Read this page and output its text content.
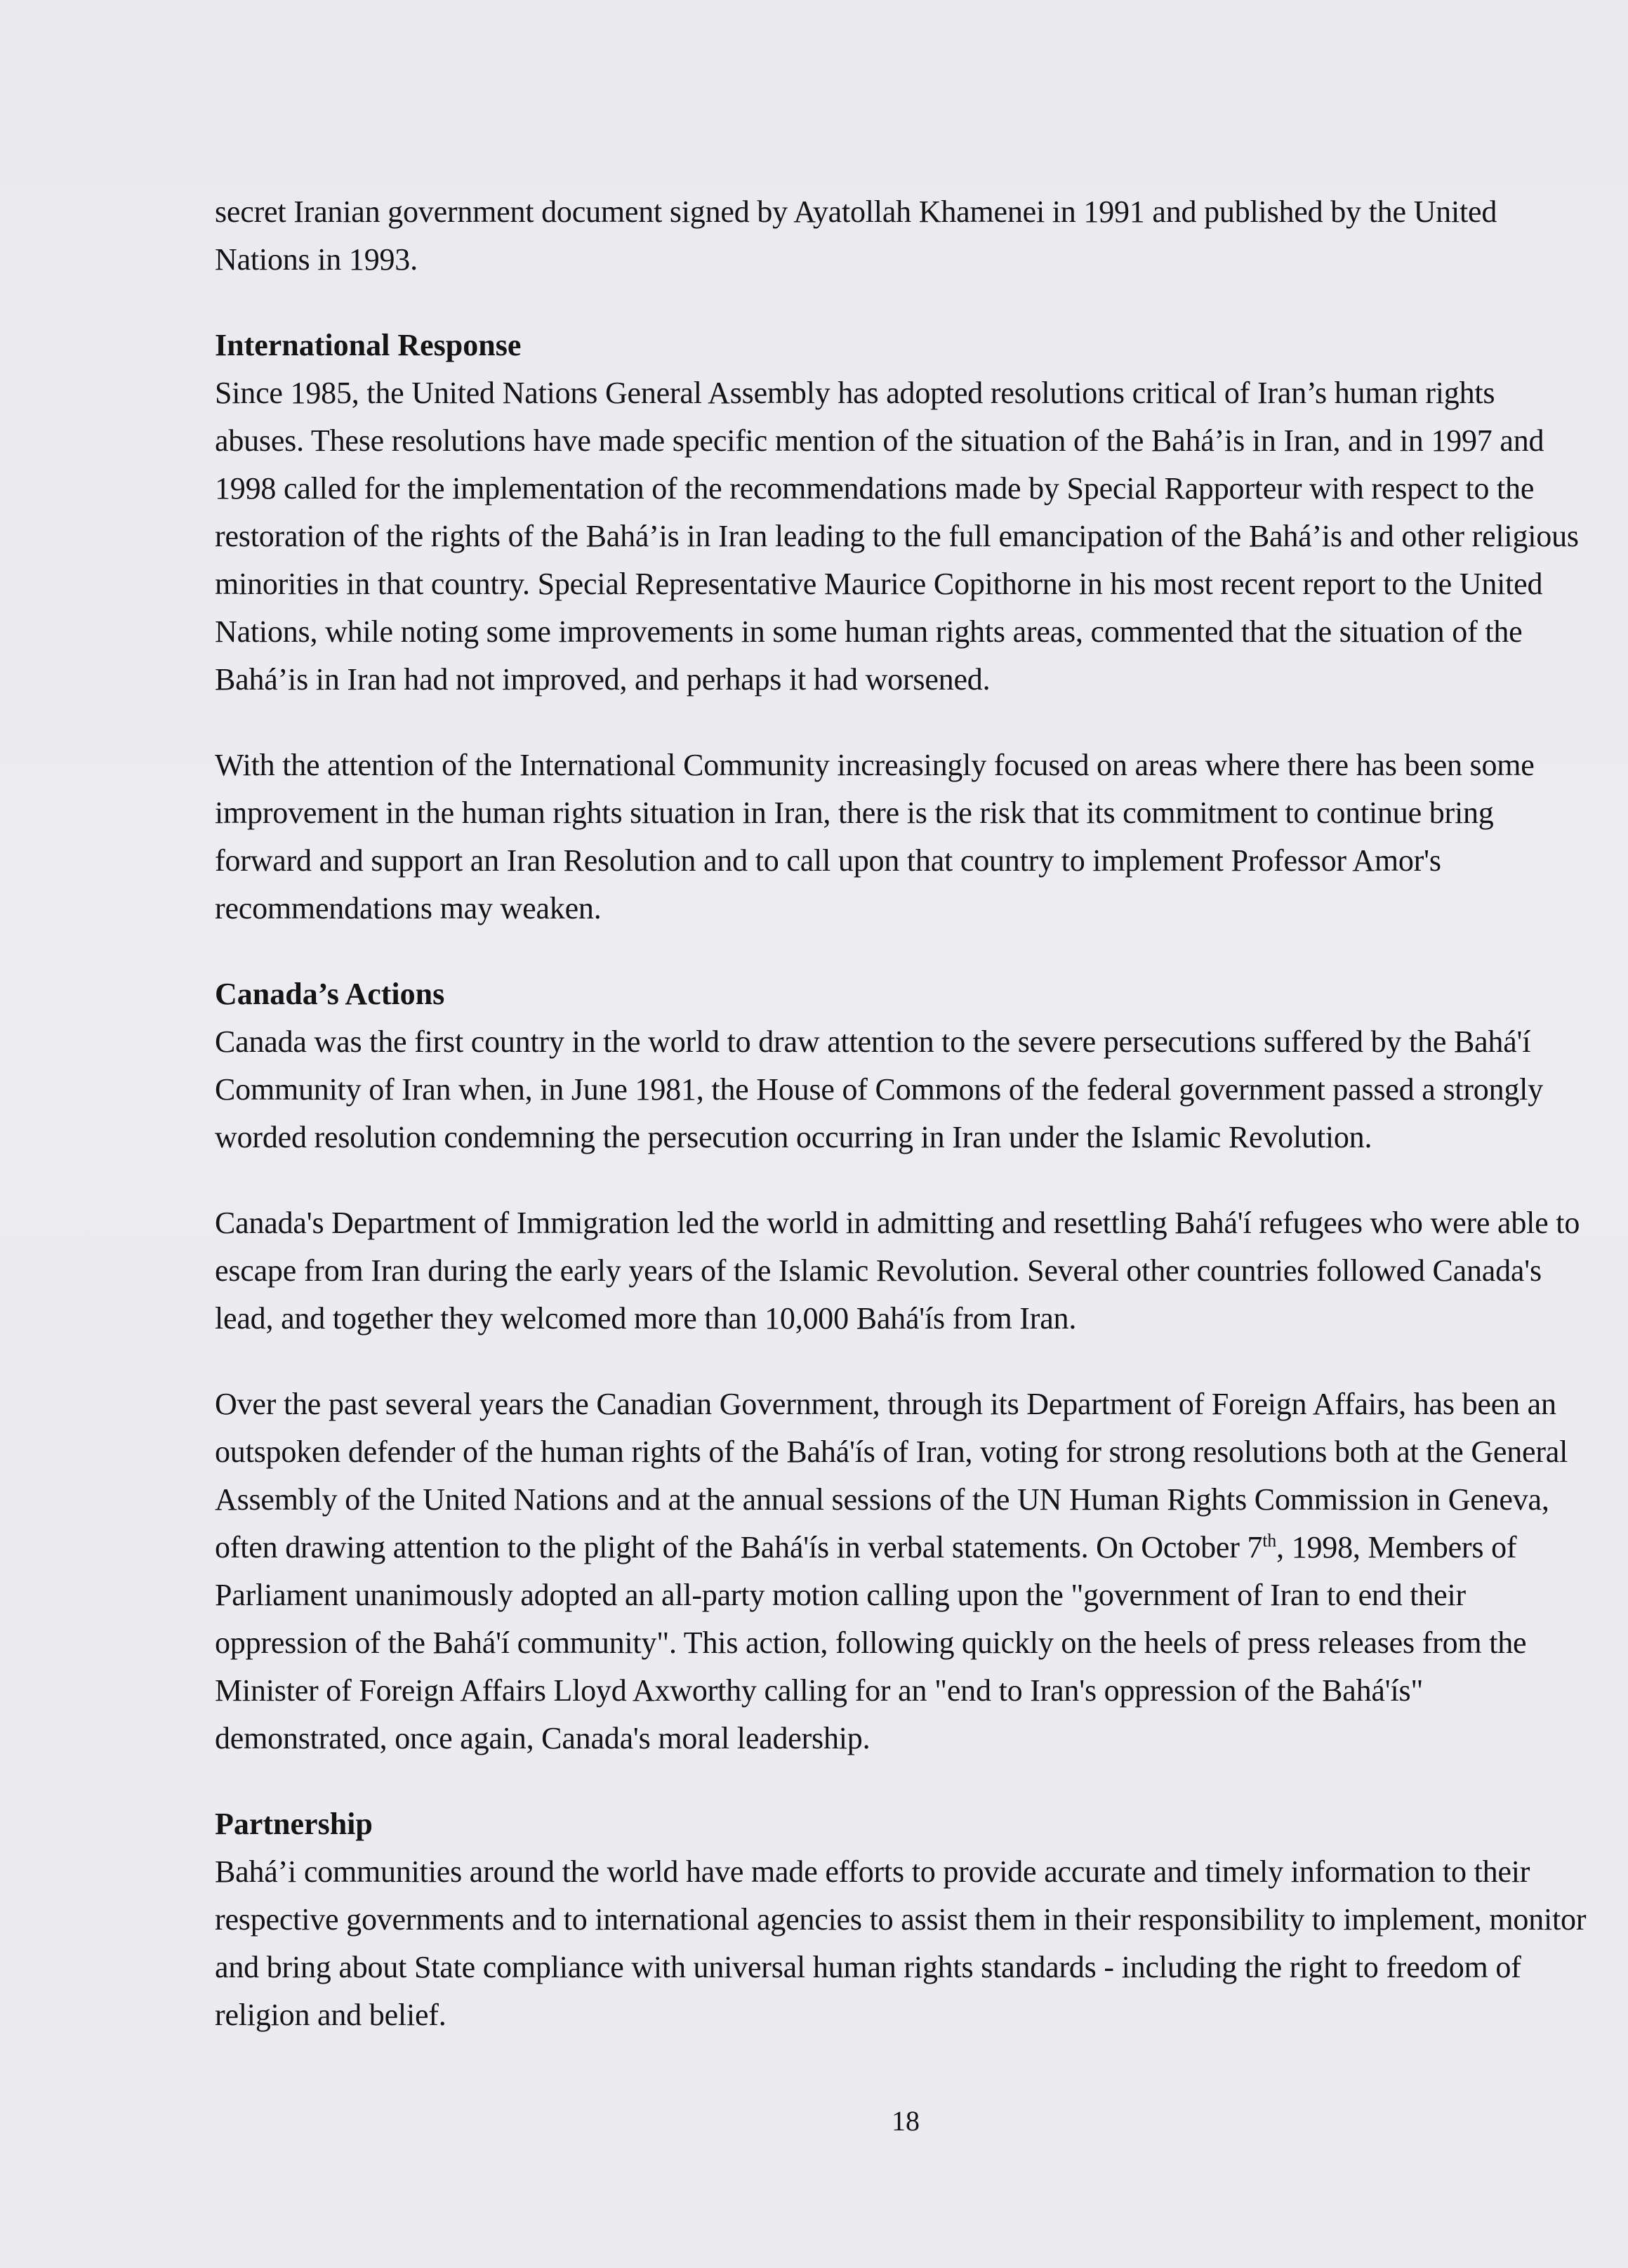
secret Iranian government document signed by Ayatollah Khamenei in 1991 and published by the United Nations in 1993.

International Response

Since 1985, the United Nations General Assembly has adopted resolutions critical of Iran’s human rights abuses. These resolutions have made specific mention of the situation of the Bahá’is in Iran, and in 1997 and 1998 called for the implementation of the recommendations made by Special Rapporteur with respect to the restoration of the rights of the Bahá’is in Iran leading to the full emancipation of the Bahá’is and other religious minorities in that country. Special Representative Maurice Copithorne in his most recent report to the United Nations, while noting some improvements in some human rights areas, commented that the situation of the Bahá’is in Iran had not improved, and perhaps it had worsened.

With the attention of the International Community increasingly focused on areas where there has been some improvement in the human rights situation in Iran, there is the risk that its commitment to continue bring forward and support an Iran Resolution and to call upon that country to implement Professor Amor's recommendations may weaken.

Canada’s Actions

Canada was the first country in the world to draw attention to the severe persecutions suffered by the Bahá'í Community of Iran when, in June 1981, the House of Commons of the federal government passed a strongly worded resolution condemning the persecution occurring in Iran under the Islamic Revolution.

Canada's Department of Immigration led the world in admitting and resettling Bahá'í refugees who were able to escape from Iran during the early years of the Islamic Revolution. Several other countries followed Canada's lead, and together they welcomed more than 10,000 Bahá'ís from Iran.

Over the past several years the Canadian Government, through its Department of Foreign Affairs, has been an outspoken defender of the human rights of the Bahá'ís of Iran, voting for strong resolutions both at the General Assembly of the United Nations and at the annual sessions of the UN Human Rights Commission in Geneva, often drawing attention to the plight of the Bahá'ís in verbal statements. On October 7th, 1998, Members of Parliament unanimously adopted an all-party motion calling upon the "government of Iran to end their oppression of the Bahá'í community". This action, following quickly on the heels of press releases from the Minister of Foreign Affairs Lloyd Axworthy calling for an "end to Iran's oppression of the Bahá'ís" demonstrated, once again, Canada's moral leadership.

Partnership

Bahá’i communities around the world have made efforts to provide accurate and timely information to their respective governments and to international agencies to assist them in their responsibility to implement, monitor and bring about State compliance with universal human rights standards - including the right to freedom of religion and belief.

18
